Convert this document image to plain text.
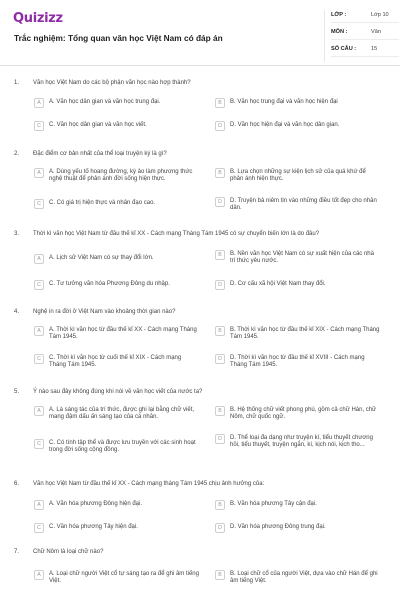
Quizizz
Trắc nghiệm: Tổng quan văn học Việt Nam có đáp án
LỚP :	Lớp 10
MÔN :	Văn
SỐ CÂU :	15
1. Văn học Việt Nam do các bộ phận văn học nào hợp thành?
A	A. Văn học dân gian và văn học trung đại.	B	B. Văn học trung đại và văn học hiện đại
C	C. Văn học dân gian và văn học viết.	D	D. Văn học hiện đại và văn học dân gian.
2. Đặc điểm cơ bản nhất của thể loại truyện ký là gì?
A	A. Dùng yếu tố hoang đường, kỳ ảo làm phương thức nghệ thuật để phản ánh đời sống hiện thực.
B	B. Lựa chọn những sự kiện lịch sử của quá khứ để phản ánh hiện thực.
C	C. Có giá trị hiện thực và nhân đạo cao.	D	D. Truyện bả niêm tin vào những điều tốt đẹp cho nhân dân.
3. Thời kì văn học Việt Nam từ đầu thế kỉ XX - Cách mạng Tháng Tám 1945 có sự chuyển biến lớn là do đâu?
A	A. Lịch sử Việt Nam có sự thay đổi lớn.	B	B. Nền văn học Việt Nam có sự xuất hiện của các nhà trí thức yêu nước.
C	C. Tư tưởng văn hóa Phương Đông du nhập.	D	D. Cơ cấu xã hội Việt Nam thay đổi.
4. Nghệ in ra đời ở Việt Nam vào khoảng thời gian nào?
A	A. Thời kì văn học từ đầu thế kỉ XX - Cách mạng Tháng Tám 1945.
B	B. Thời kì văn học từ đầu thế kỉ XIX - Cách mạng Tháng Tám 1945.
C	C. Thời kì văn học từ cuối thế kỉ XIX - Cách mạng Tháng Tám 1945.
D	D. Thời kì văn học từ đầu thế kỉ XVIII - Cách mạng Tháng Tám 1945.
5. Ý nào sau đây không đúng khi nói về văn học viết của nước ta?
A	A. Là sáng tác của trí thức, được ghi lại bằng chữ viết, mang đậm dấu ấn sáng tạo của cá nhân.
B	B. Hệ thống chữ viết phong phú, gồm cả chữ Hán, chữ Nôm, chữ quốc ngữ.
C	C. Có tính tập thể và được lưu truyền với các sinh hoạt trong đời sống cộng đồng.
D	D. Thể loại đa dạng như truyện kí, tiểu thuyết chương hồi, tiểu thuyết, truyện ngắn, kí, kịch nói, kịch tho...
6. Văn học Việt Nam từ đầu thế kỉ XX - Cách mạng tháng Tám 1945 chịu ảnh hưởng của:
A	A. Văn hóa phương Đông hiện đại.	B	B. Văn hóa phương Tây cận đại.
C	C. Văn hóa phương Tây hiện đại.	D	D. Văn hóa phương Đông trung đại.
7. Chữ Nôm là loại chữ nào?
A	A. Loại chữ người Việt cổ tự sáng tạo ra để ghi âm tiếng Việt.
B	B. Loại chữ cổ của người Việt, dựa vào chữ Hán để ghi âm tiếng Việt.
